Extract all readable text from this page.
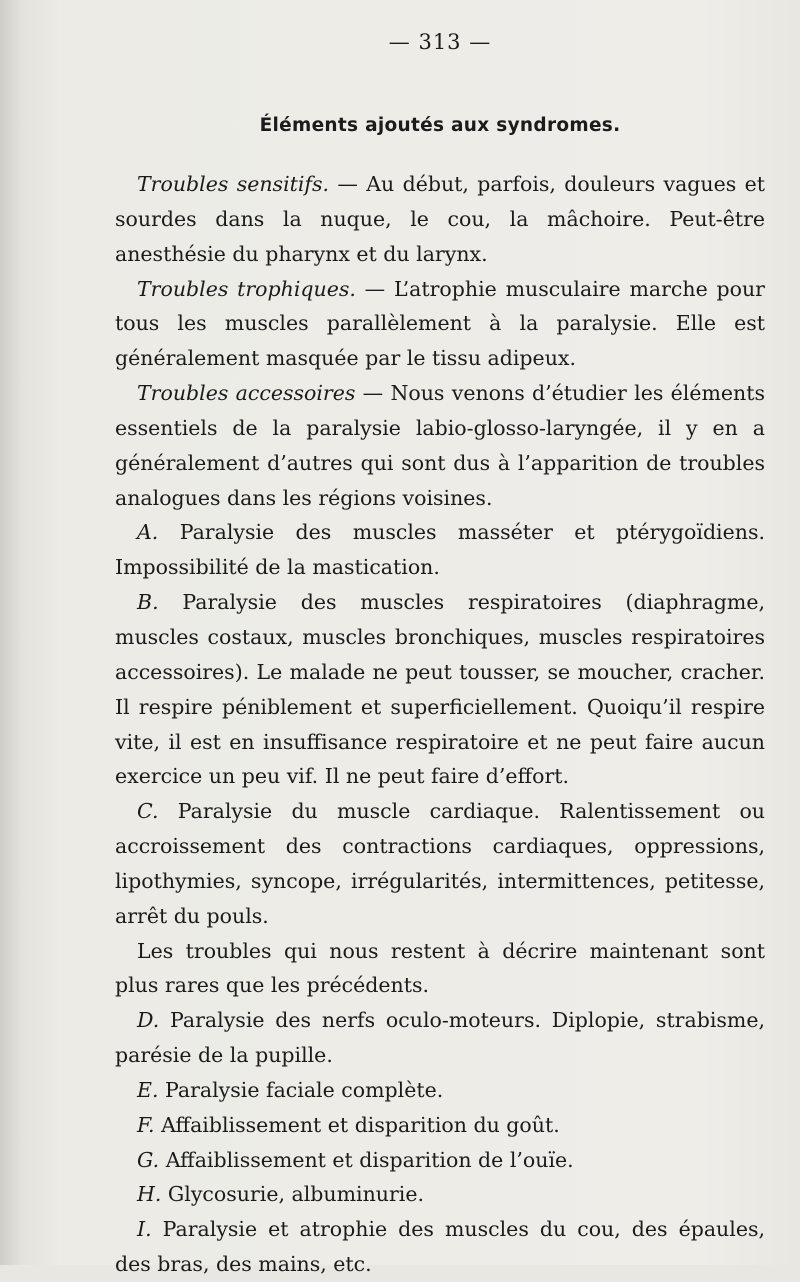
— 313 —
Éléments ajoutés aux syndromes.

Troubles sensitifs. — Au début, parfois, douleurs vagues et sourdes dans la nuque, le cou, la mâchoire. Peut-être anesthésie du pharynx et du larynx.

Troubles trophiques. — L’atrophie musculaire marche pour tous les muscles parallèlement à la paralysie. Elle est généralement masquée par le tissu adipeux.

Troubles accessoires — Nous venons d’étudier les éléments essentiels de la paralysie labio-glosso-laryngée, il y en a généralement d’autres qui sont dus à l’apparition de troubles analogues dans les régions voisines.

A. Paralysie des muscles masséter et ptérygoïdiens. Impossibilité de la mastication.

B. Paralysie des muscles respiratoires (diaphragme, muscles costaux, muscles bronchiques, muscles respiratoires accessoires). Le malade ne peut tousser, se moucher, cracher. Il respire péniblement et superficiellement. Quoiqu’il respire vite, il est en insuffisance respiratoire et ne peut faire aucun exercice un peu vif. Il ne peut faire d’effort.

C. Paralysie du muscle cardiaque. Ralentissement ou accroissement des contractions cardiaques, oppressions, lipothymies, syncope, irrégularités, intermittences, petitesse, arrêt du pouls.

Les troubles qui nous restent à décrire maintenant sont plus rares que les précédents.

D. Paralysie des nerfs oculo-moteurs. Diplopie, strabisme, parésie de la pupille.

E. Paralysie faciale complète.

F. Affaiblissement et disparition du goût.

G. Affaiblissement et disparition de l’ouïe.

H. Glycosurie, albuminurie.

I. Paralysie et atrophie des muscles du cou, des épaules, des bras, des mains, etc.
